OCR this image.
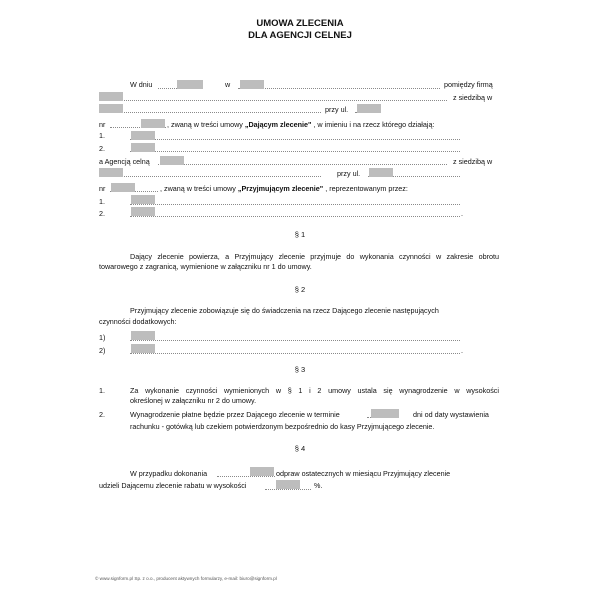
UMOWA ZLECENIA
DLA AGENCJI CELNEJ
W dniu	w	pomiędzy firmą
z siedzibą w
przy ul.
nr	, zwaną w treści umowy „Dającym zlecenie" , w imieniu i na rzecz którego działają:
1.
2.
a Agencją celną	z siedzibą w
przy ul.
nr	, zwaną w treści umowy „Przyjmującym zlecenie" , reprezentowanym przez:
1.
2.	.
§ 1
Dający zlecenie powierza, a Przyjmujący zlecenie przyjmuje do wykonania czynności w zakresie obrotu
towarowego z zagranicą, wymienione w załączniku nr 1 do umowy.
§ 2
Przyjmujący zlecenie zobowiązuje się do świadczenia na rzecz Dającego zlecenie następujących
czynności dodatkowych:
1)
2)	.
§ 3
1.	Za wykonanie czynności wymienionych w § 1 i 2 umowy ustala się wynagrodzenie w wysokości
określonej w załączniku nr 2 do umowy.
2.	Wynagrodzenie płatne będzie przez Dającego zlecenie w terminie	dni od daty wystawienia
rachunku - gotówką lub czekiem potwierdzonym bezpośrednio do kasy Przyjmującego zlecenie.
§ 4
W przypadku dokonania	odpraw ostatecznych w miesiącu Przyjmujący zlecenie
udzieli Dającemu zlecenie rabatu w wysokości	%.
© www.signform.pl Sp. z o.o., producent aktywnych formularzy, e-mail: biuro@signform.pl
